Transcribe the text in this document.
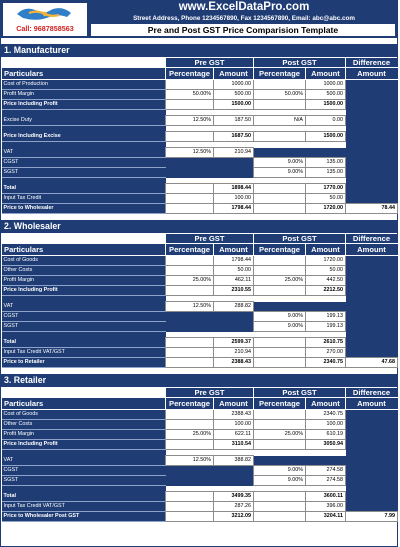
Call: 9687858563
www.ExcelDataPro.com
Street Address, Phone 1234567890, Fax 1234567890, Email: abc@abc.com
Pre and Post GST Price Comparision Template
1. Manufacturer
	Pre GST		Post GST		Difference
Particulars	Percentage	Amount	Percentage	Amount	Amount
Cost of Production		1000.00		1000.00	
Profit Margin	50.00%	500.00	50.00%	500.00	
Price Including Profit		1500.00		1500.00	

Excise Duty	12.50%	187.50	N/A	0.00	

Price Including Excise		1687.50		1500.00	

VAT	12.50%	210.94			
CGST			9.00%	135.00	
SGST			9.00%	135.00	

Total		1898.44		1770.00	
Input Tax Credit		100.00		50.00	
Price to Wholesaler		1798.44		1720.00	78.44
2. Wholesaler
	Pre GST		Post GST		Difference
Particulars	Percentage	Amount	Percentage	Amount	Amount
Cost of Goods		1798.44		1720.00	
Other Costs		50.00		50.00	
Profit Margin	25.00%	462.11	25.00%	442.50	
Price Including Profit		2310.55		2212.50	

VAT	12.50%	288.82			
CGST			9.00%	199.13	
SGST			9.00%	199.13	

Total		2599.37		2610.75	
Input Tax Credit VAT/GST		210.94		270.00	
Price to Retailer		2388.43		2340.75	47.68
3. Retailer
	Pre GST		Post GST		Difference
Particulars	Percentage	Amount	Percentage	Amount	Amount
Cost of Goods		2388.43		2340.75	
Other Costs		100.00		100.00	
Profit Margin	25.00%	622.11	25.00%	610.19	
Price Including Profit		3110.54		3050.94	

VAT	12.50%	388.82			
CGST			9.00%	274.58	
SGST			9.00%	274.58	

Total		3499.35		3600.11	
Input Tax Credit VAT/GST		287.26		396.00	
Price to Wholesaler Post GST		3212.09		3204.11	7.99
